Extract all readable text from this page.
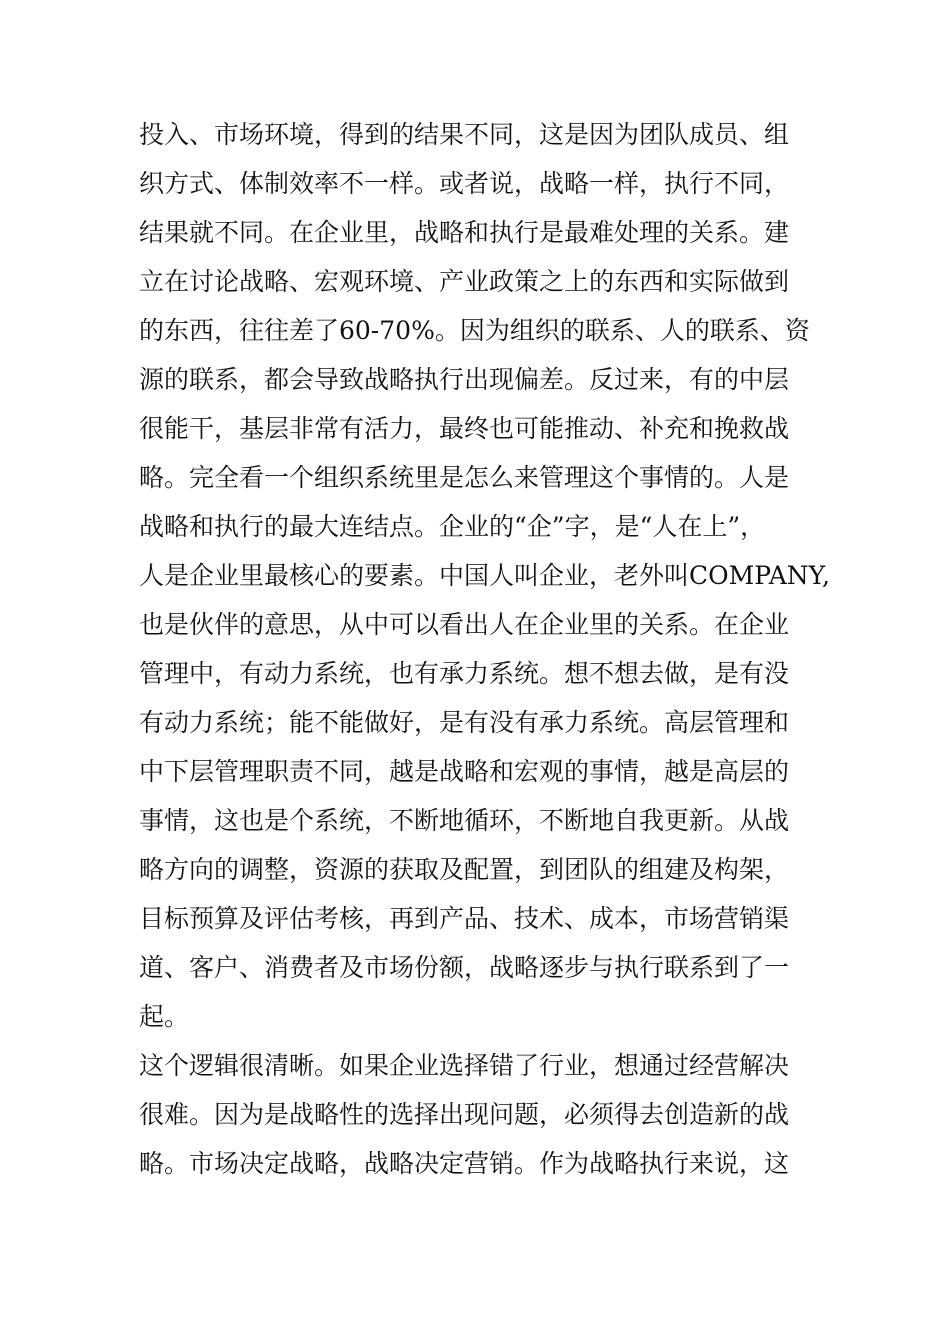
投入、市场环境，得到的结果不同，这是因为团队成员、组
织方式、体制效率不一样。或者说，战略一样，执行不同，
结果就不同。在企业里，战略和执行是最难处理的关系。建
立在讨论战略、宏观环境、产业政策之上的东西和实际做到
的东西，往往差了60-70%。因为组织的联系、人的联系、资
源的联系，都会导致战略执行出现偏差。反过来，有的中层
很能干，基层非常有活力，最终也可能推动、补充和挽救战
略。完全看一个组织系统里是怎么来管理这个事情的。人是
战略和执行的最大连结点。企业的“企”字，是“人在上”，
人是企业里最核心的要素。中国人叫企业，老外叫COMPANY,
也是伙伴的意思，从中可以看出人在企业里的关系。在企业
管理中，有动力系统，也有承力系统。想不想去做，是有没
有动力系统；能不能做好，是有没有承力系统。高层管理和
中下层管理职责不同，越是战略和宏观的事情，越是高层的
事情，这也是个系统，不断地循环，不断地自我更新。从战
略方向的调整，资源的获取及配置，到团队的组建及构架，
目标预算及评估考核，再到产品、技术、成本，市场营销渠
道、客户、消费者及市场份额，战略逐步与执行联系到了一
起。
这个逻辑很清晰。如果企业选择错了行业，想通过经营解决
很难。因为是战略性的选择出现问题，必须得去创造新的战
略。市场决定战略，战略决定营销。作为战略执行来说，这
